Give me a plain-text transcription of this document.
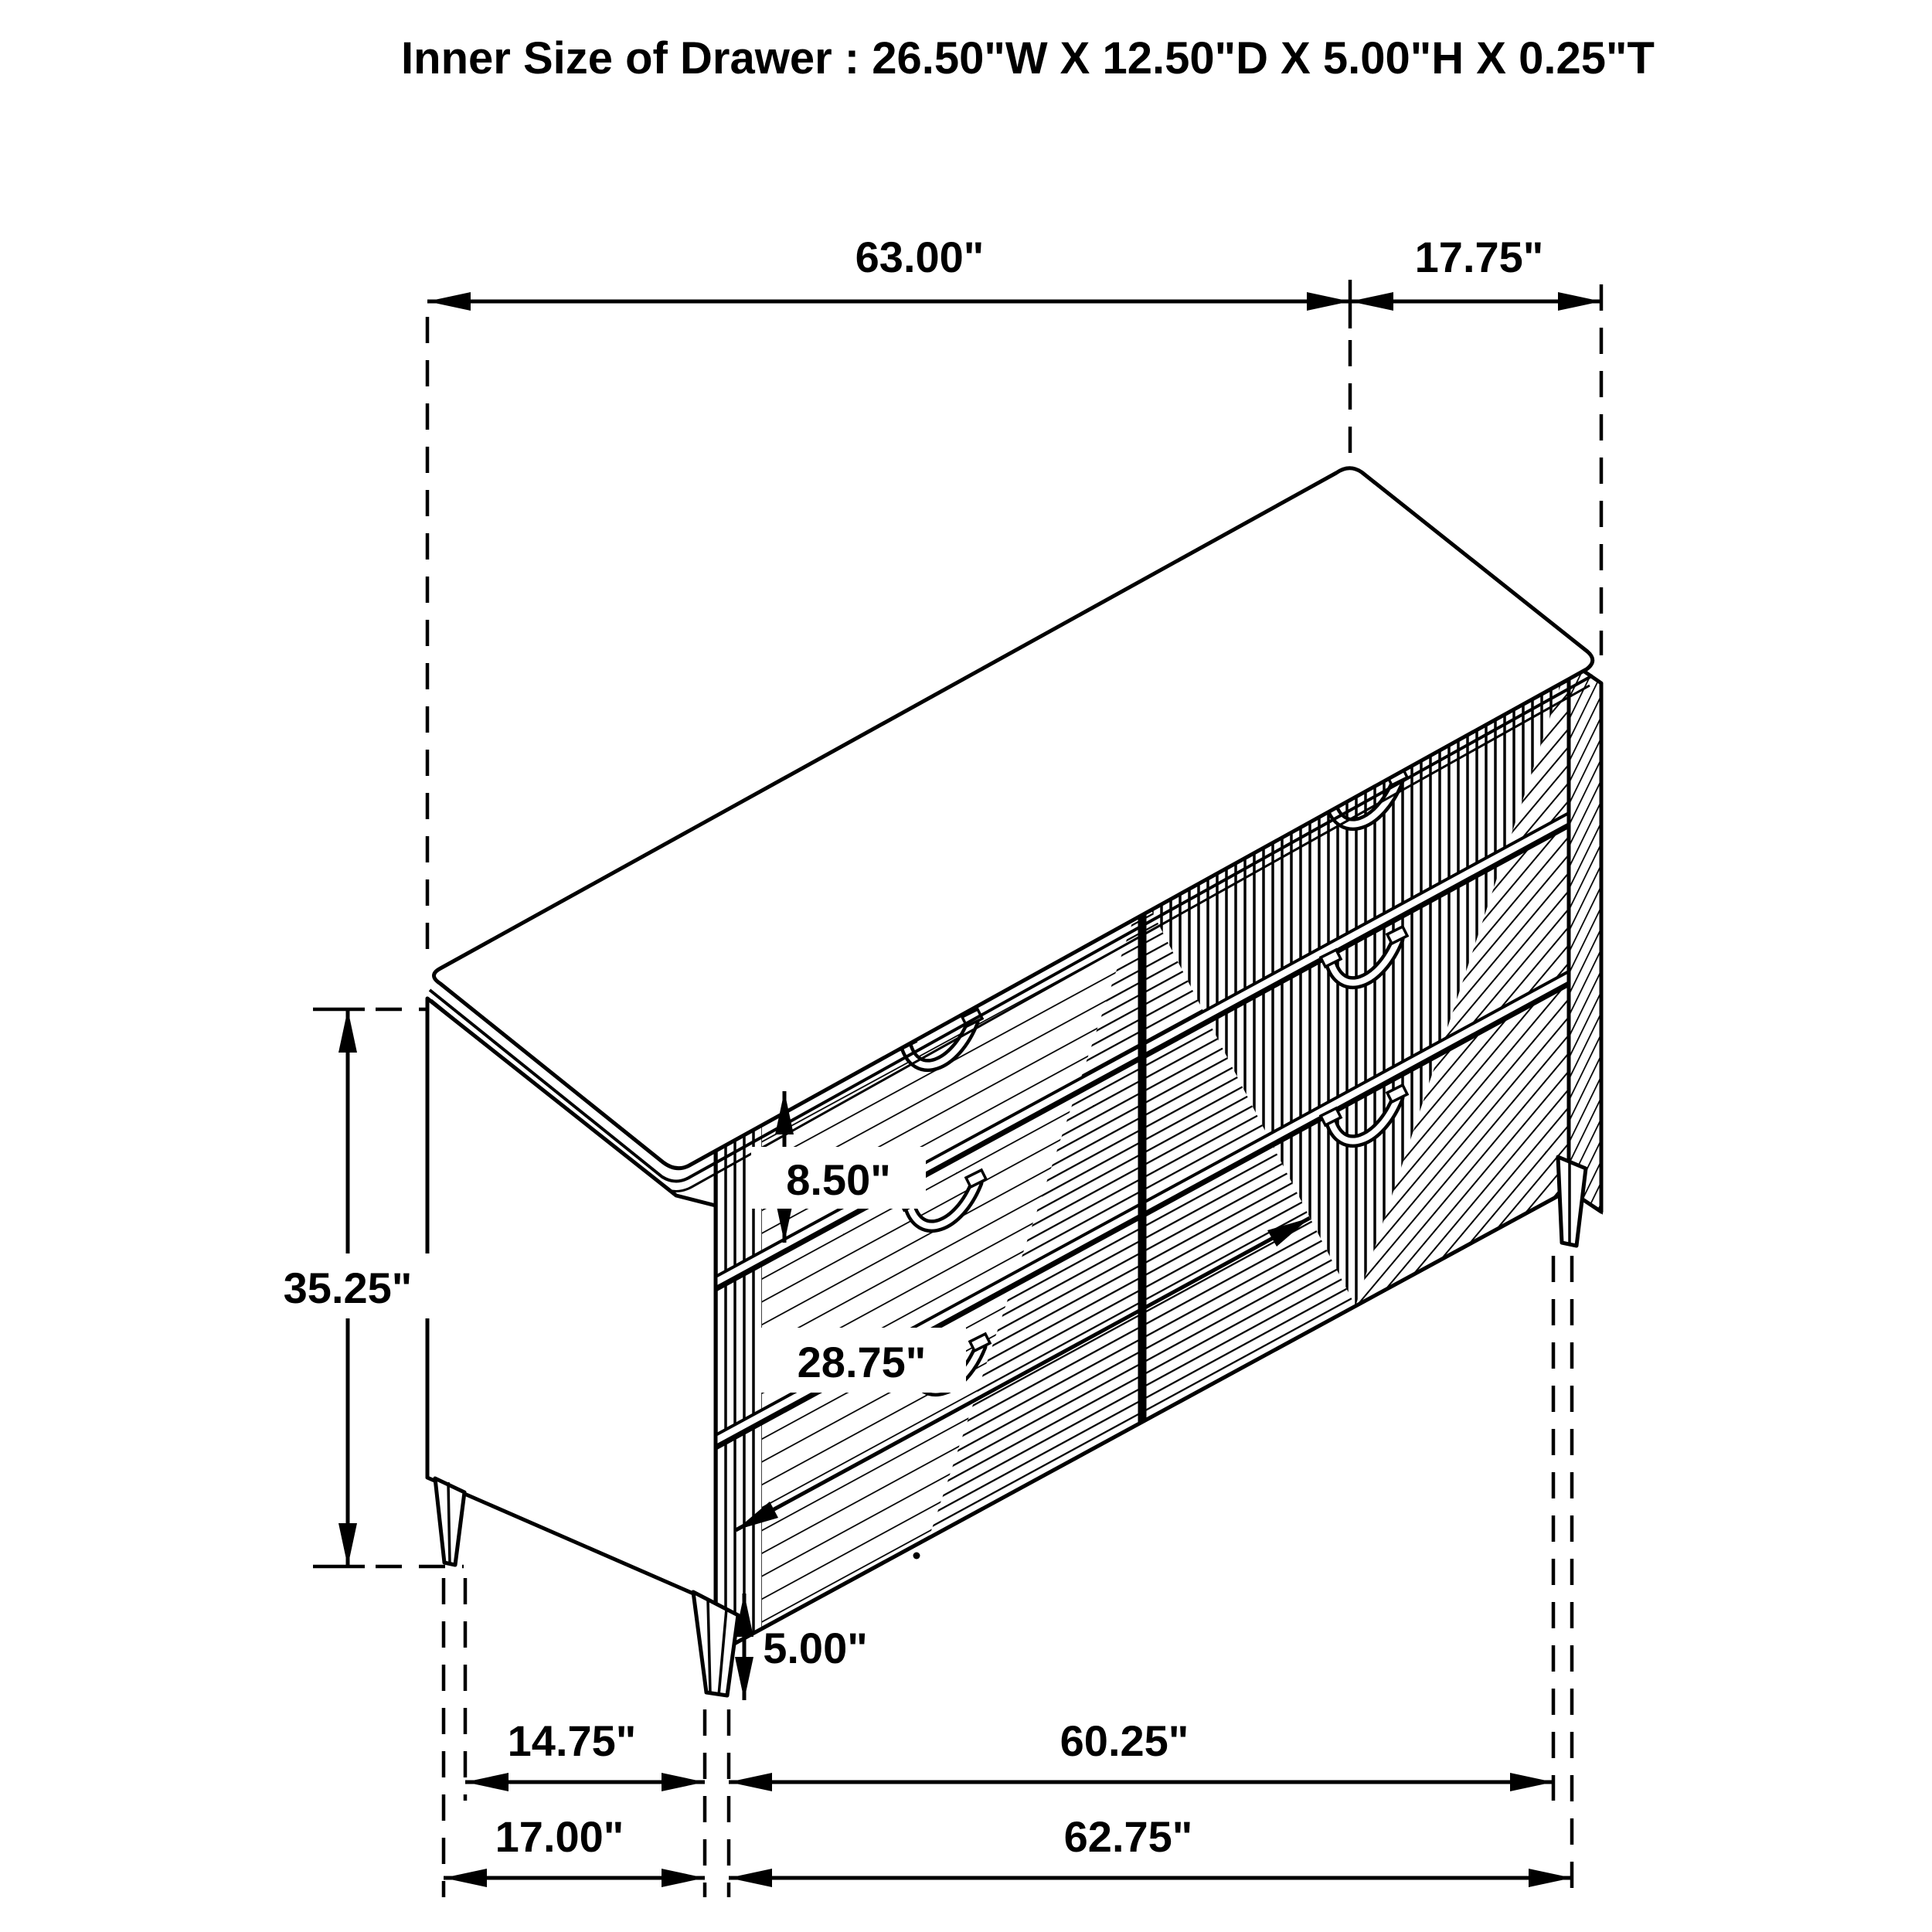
63.00"	17.75"
35.25"
8.50"
28.75"
5.00"
14.75"	60.25"
17.00"	62.75"
Inner Size of Drawer : 26.50"W X 12.50"D X 5.00"H X 0.25"T
